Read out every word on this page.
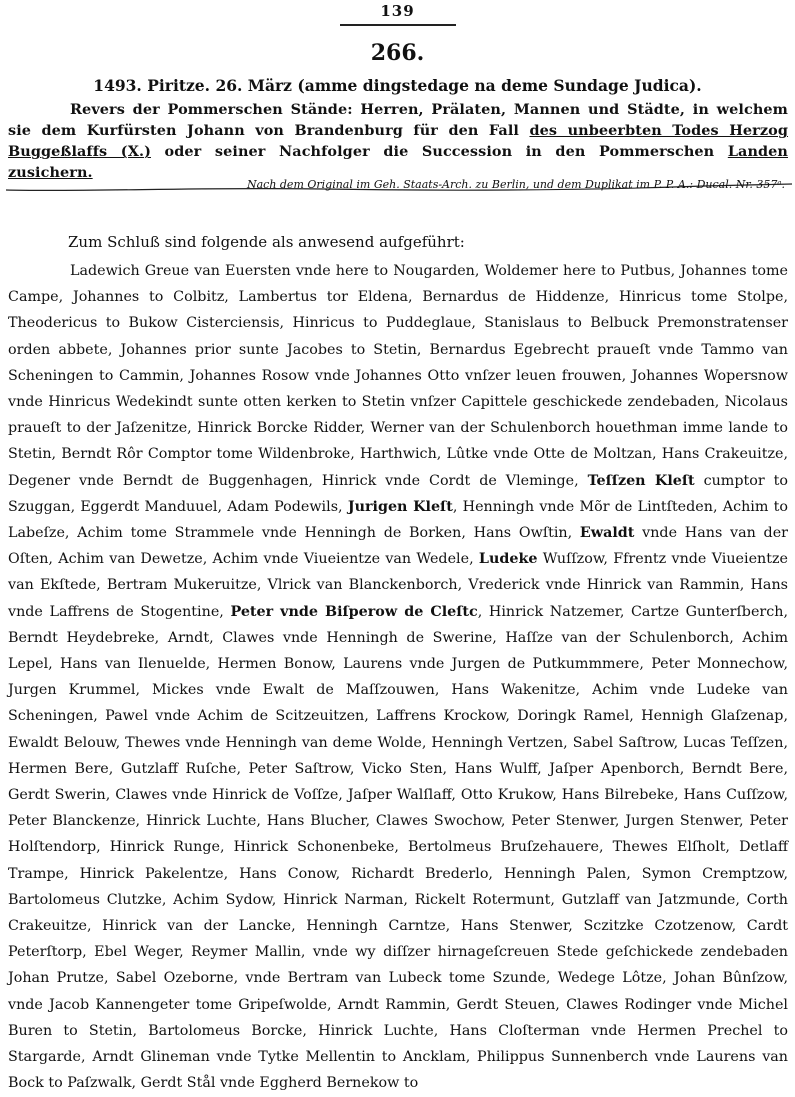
139
266.
1493. Piritze. 26. März (amme dingstedage na deme Sundage Judica).
Revers der Pommerschen Stände: Herren, Prälaten, Mannen und Städte, in welchem sie dem Kurfürsten Johann von Brandenburg für den Fall des unbeerbten Todes Herzog Buggeßlaffs (X.) oder seiner Nachfolger die Succession in den Pommerschen Landen zusichern.
Nach dem Original im Geh. Staats-Arch. zu Berlin, und dem Duplikat im P. P. A.: Ducal. Nr. 357ᵃ.
Zum Schluß sind folgende als anwesend aufgeführt:
Ladewich Greue van Euersten vnde here to Nougarden, Woldemer here to Putbus, Johannes tome Campe, Johannes to Colbitz, Lambertus tor Eldena, Bernardus de Hiddenze, Hinricus tome Stolpe, Theodericus to Bukow Cisterciensis, Hinricus to Puddeglaue, Stanislaus to Belbuck Premonstratenser orden abbete, Johannes prior sunte Jacobes to Stetin, Bernardus Egebrecht praueſt vnde Tammo van Scheningen to Cammin, Johannes Rosow vnde Johannes Otto vnſzer leuen frouwen, Johannes Wopersnow vnde Hinricus Wedekindt sunte otten kerken to Stetin vnſzer Capittele geschickede zendebaden, Nicolaus praueſt to der Jaſzenitze, Hinrick Borcke Ridder, Werner van der Schulenborch houethman imme lande to Stetin, Berndt Rôr Comptor tome Wildenbroke, Harthwich, Lûtke vnde Otte de Moltzan, Hans Crakeuitze, Degener vnde Berndt de Buggenhagen, Hinrick vnde Cordt de Vleminge, Teſſzen Kleſt cumptor to Szuggan, Eggerdt Manduuel, Adam Podewils, Jurigen Kleſt, Henningh vnde Mõr de Lintſteden, Achim to Labeſze, Achim tome Strammele vnde Henningh de Borken, Hans Owſtin, Ewaldt vnde Hans van der Oſten, Achim van Dewetze, Achim vnde Viueientze van Wedele, Ludeke Wuſſzow, Ffrentz vnde Viueientze van Ekſtede, Bertram Mukeruitze, Vlrick van Blanckenborch, Vrederick vnde Hinrick van Rammin, Hans vnde Laffrens de Stogentine, Peter vnde Biſperow de Cleſtc, Hinrick Natzemer, Cartze Gunterſberch, Berndt Heydebreke, Arndt, Clawes vnde Henningh de Swerine, Haſſze van der Schulenborch, Achim Lepel, Hans van Ilenuelde, Hermen Bonow, Laurens vnde Jurgen de Putkummmere, Peter Monnechow, Jurgen Krummel, Mickes vnde Ewalt de Maſſzouwen, Hans Wakenitze, Achim vnde Ludeke van Scheningen, Pawel vnde Achim de Scitzeuitzen, Laffrens Krockow, Doringk Ramel, Hennigh Glaſzenap, Ewaldt Belouw, Thewes vnde Henningh van deme Wolde, Henningh Vertzen, Sabel Saſtrow, Lucas Teſſzen, Hermen Bere, Gutzlaff Ruſche, Peter Saſtrow, Vicko Sten, Hans Wulff, Jaſper Apenborch, Berndt Bere, Gerdt Swerin, Clawes vnde Hinrick de Voſſze, Jaſper Walſlaff, Otto Krukow, Hans Bilrebeke, Hans Cuſſzow, Peter Blanckenze, Hinrick Luchte, Hans Blucher, Clawes Swochow, Peter Stenwer, Jurgen Stenwer, Peter Holſtendorp, Hinrick Runge, Hinrick Schonenbeke, Bertolmeus Bruſzehauere, Thewes Elſholt, Detlaff Trampe, Hinrick Pakelentze, Hans Conow, Richardt Brederlo, Henningh Palen, Symon Cremptzow, Bartolomeus Clutzke, Achim Sydow, Hinrick Narman, Rickelt Rotermunt, Gutzlaff van Jatzmunde, Corth Crakeuitze, Hinrick van der Lancke, Henningh Carntze, Hans Stenwer, Sczitzke Czotzenow, Cardt Peterſtorp, Ebel Weger, Reymer Mallin, vnde wy diſſzer hirnageſcreuen Stede geſchickede zendebaden Johan Prutze, Sabel Ozeborne, vnde Bertram van Lubeck tome Szunde, Wedege Lôtze, Johan Bûnſzow, vnde Jacob Kannengeter tome Gripeſwolde, Arndt Rammin, Gerdt Steuen, Clawes Rodinger vnde Michel Buren to Stetin, Bartolomeus Borcke, Hinrick Luchte, Hans Cloſterman vnde Hermen Prechel to Stargarde, Arndt Glineman vnde Tytke Mellentin to Ancklam, Philippus Sunnenberch vnde Laurens van Bock to Paſzwalk, Gerdt Stål vnde Eggherd Bernekow to
